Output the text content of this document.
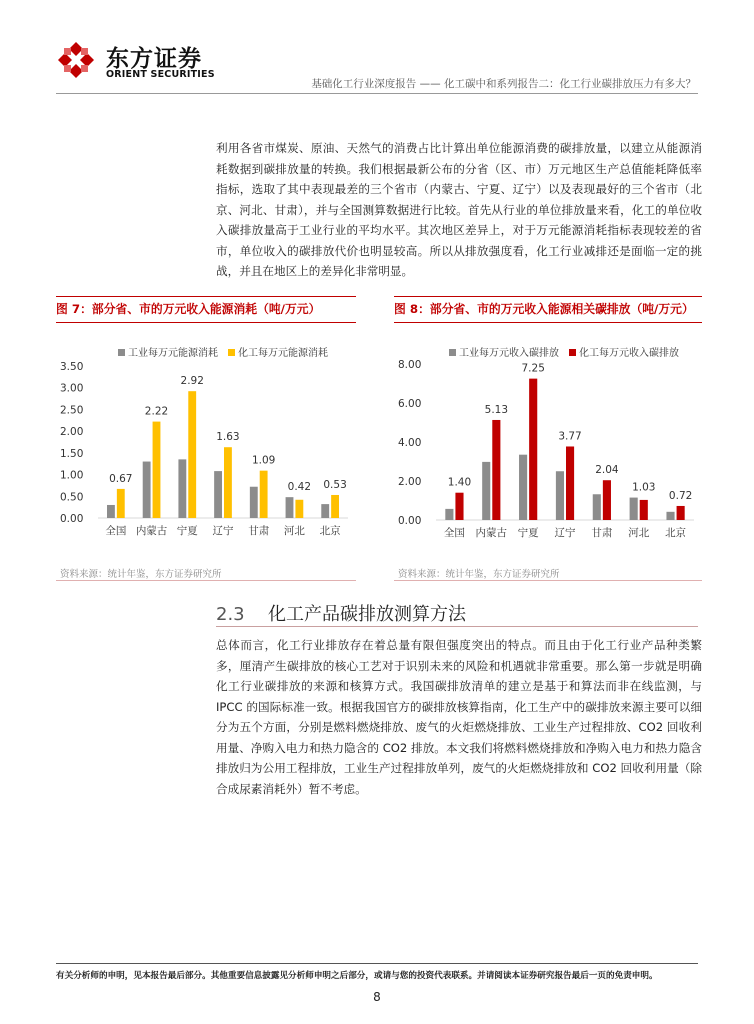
东方证券
ORIENT SECURITIES
基础化工行业深度报告 —— 化工碳中和系列报告二：化工行业碳排放压力有多大？
利用各省市煤炭、原油、天然气的消费占比计算出单位能源消费的碳排放量，以建立从能源消耗数据到碳排放量的转换。我们根据最新公布的分省（区、市）万元地区生产总值能耗降低率指标，选取了其中表现最差的三个省市（内蒙古、宁夏、辽宁）以及表现最好的三个省市（北京、河北、甘肃），并与全国测算数据进行比较。首先从行业的单位排放量来看，化工的单位收入碳排放量高于工业行业的平均水平。其次地区差异上，对于万元能源消耗指标表现较差的省市，单位收入的碳排放代价也明显较高。所以从排放强度看，化工行业减排还是面临一定的挑战，并且在地区上的差异化非常明显。
图 7：部分省、市的万元收入能源消耗（吨/万元）
工业每万元能源消耗 化工每万元能源消耗
0.00
0.50
1.00
1.50
2.00
2.50
3.00
3.50
0.67
全国
2.22
内蒙古
2.92
宁夏
1.63
辽宁
1.09
甘肃
0.42
河北
0.53
北京
资料来源：统计年鉴，东方证券研究所
图 8：部分省、市的万元收入能源相关碳排放（吨/万元）
工业每万元收入碳排放 化工每万元收入碳排放
0.00
2.00
4.00
6.00
8.00
1.40
全国
5.13
内蒙古
7.25
宁夏
3.77
辽宁
2.04
甘肃
1.03
河北
0.72
北京
资料来源：统计年鉴，东方证券研究所
2.3 化工产品碳排放测算方法
总体而言，化工行业排放存在着总量有限但强度突出的特点。而且由于化工行业产品种类繁多，厘清产生碳排放的核心工艺对于识别未来的风险和机遇就非常重要。那么第一步就是明确化工行业碳排放的来源和核算方式。我国碳排放清单的建立是基于和算法而非在线监测，与 IPCC 的国际标准一致。根据我国官方的碳排放核算指南，化工生产中的碳排放来源主要可以细分为五个方面，分别是燃料燃烧排放、废气的火炬燃烧排放、工业生产过程排放、CO2 回收利用量、净购入电力和热力隐含的 CO2 排放。本文我们将燃料燃烧排放和净购入电力和热力隐含排放归为公用工程排放，工业生产过程排放单列，废气的火炬燃烧排放和 CO2 回收利用量（除合成尿素消耗外）暂不考虑。
有关分析师的申明，见本报告最后部分。其他重要信息披露见分析师申明之后部分，或请与您的投资代表联系。并请阅读本证券研究报告最后一页的免责申明。
8
